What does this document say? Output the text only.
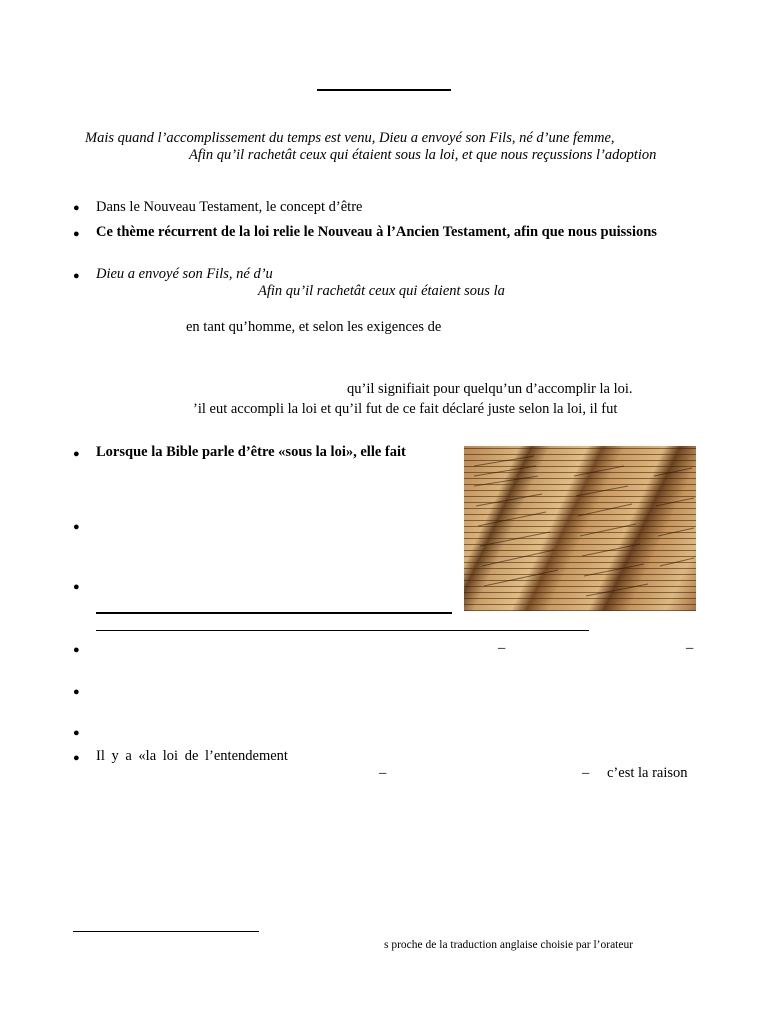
Mais quand l’accomplissement du temps est venu, Dieu a envoyé son Fils, né d’une femme,
Afin qu’il rachetât ceux qui étaient sous la loi, et que nous reçussions l’adoption
●
Dans le Nouveau Testament, le concept d’être
●
Ce thème récurrent de la loi relie le Nouveau à l’Ancien Testament, afin que nous puissions
●
Dieu a envoyé son Fils, né d’u
Afin qu’il rachetât ceux qui étaient sous la
en tant qu’homme, et selon les exigences de
qu’il signifiait pour quelqu’un d’accomplir la loi.
’il eut accompli la loi et qu’il fut de ce fait déclaré juste selon la loi, il fut
●
Lorsque la Bible parle d’être «sous la loi», elle fait
●
●
●
–	–
●
●
●
Il y a «la loi de l’entendement
–	– c’est la raison
s proche de la traduction anglaise choisie par l’orateur
